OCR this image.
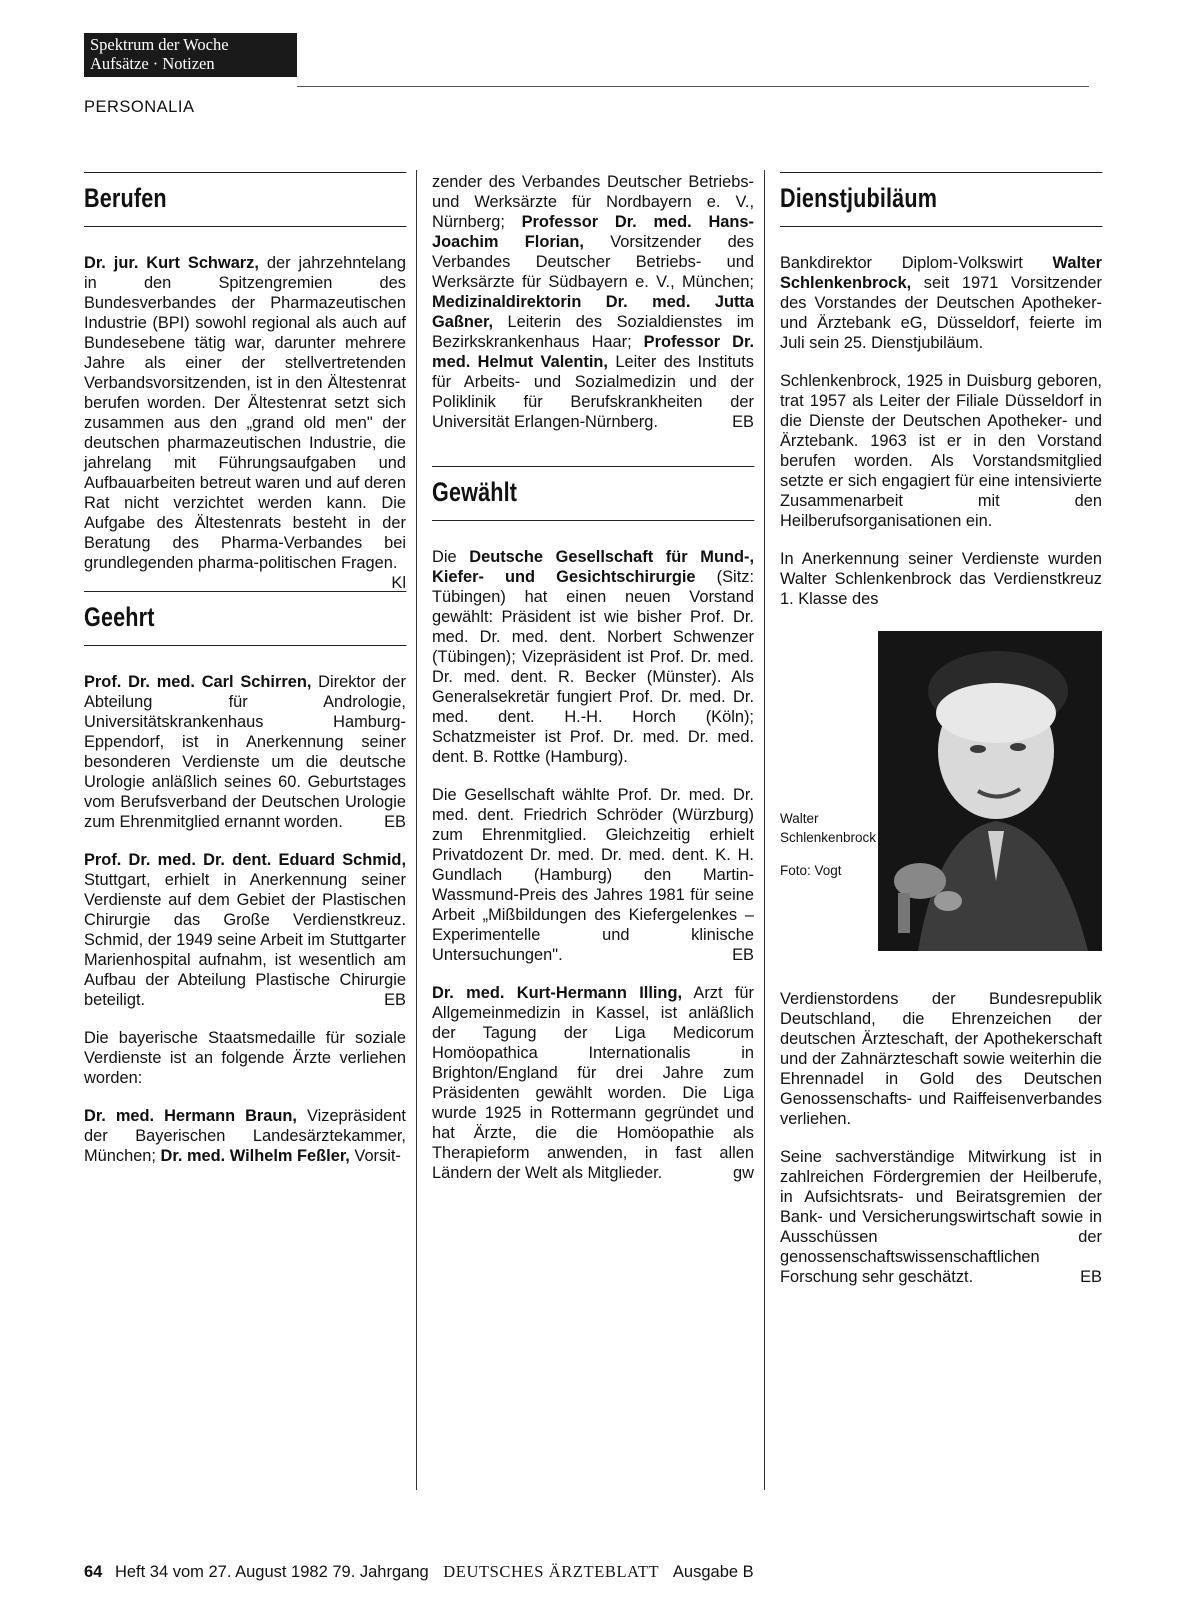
Spektrum der Woche
Aufsätze · Notizen
PERSONALIA
Berufen

Dr. jur. Kurt Schwarz, der jahrzehntelang in den Spitzengremien des Bundesverbandes der Pharmazeutischen Industrie (BPI) sowohl regional als auch auf Bundesebene tätig war, darunter mehrere Jahre als einer der stellvertretenden Verbandsvorsitzenden, ist in den Ältestenrat berufen worden. Der Ältestenrat setzt sich zusammen aus den „grand old men" der deutschen pharmazeutischen Industrie, die jahrelang mit Führungsaufgaben und Aufbauarbeiten betreut waren und auf deren Rat nicht verzichtet werden kann. Die Aufgabe des Ältestenrats besteht in der Beratung des Pharma-Verbandes bei grundlegenden pharma-politischen Fragen.
Kl

Geehrt

Prof. Dr. med. Carl Schirren, Direktor der Abteilung für Andrologie, Universitätskrankenhaus Hamburg-Eppendorf, ist in Anerkennung seiner besonderen Verdienste um die deutsche Urologie anläßlich seines 60. Geburtstages vom Berufsverband der Deutschen Urologie zum Ehrenmitglied ernannt worden.	EB

Prof. Dr. med. Dr. dent. Eduard Schmid, Stuttgart, erhielt in Anerkennung seiner Verdienste auf dem Gebiet der Plastischen Chirurgie das Große Verdienstkreuz. Schmid, der 1949 seine Arbeit im Stuttgarter Marienhospital aufnahm, ist wesentlich am Aufbau der Abteilung Plastische Chirurgie beteiligt.	EB

Die bayerische Staatsmedaille für soziale Verdienste ist an folgende Ärzte verliehen worden:

Dr. med. Hermann Braun, Vizepräsident der Bayerischen Landesärztekammer, München; Dr. med. Wilhelm Feßler, Vorsit-

zender des Verbandes Deutscher Betriebs- und Werksärzte für Nordbayern e. V., Nürnberg; Professor Dr. med. Hans-Joachim Florian, Vorsitzender des Verbandes Deutscher Betriebs- und Werksärzte für Südbayern e. V., München; Medizinaldirektorin Dr. med. Jutta Gaßner, Leiterin des Sozialdienstes im Bezirkskrankenhaus Haar; Professor Dr. med. Helmut Valentin, Leiter des Instituts für Arbeits- und Sozialmedizin und der Poliklinik für Berufskrankheiten der Universität Erlangen-Nürnberg.	EB

Gewählt

Die Deutsche Gesellschaft für Mund-, Kiefer- und Gesichtschirurgie (Sitz: Tübingen) hat einen neuen Vorstand gewählt: Präsident ist wie bisher Prof. Dr. med. Dr. med. dent. Norbert Schwenzer (Tübingen); Vizepräsident ist Prof. Dr. med. Dr. med. dent. R. Becker (Münster). Als Generalsekretär fungiert Prof. Dr. med. Dr. med. dent. H.-H. Horch (Köln); Schatzmeister ist Prof. Dr. med. Dr. med. dent. B. Rottke (Hamburg).

Die Gesellschaft wählte Prof. Dr. med. Dr. med. dent. Friedrich Schröder (Würzburg) zum Ehrenmitglied. Gleichzeitig erhielt Privatdozent Dr. med. Dr. med. dent. K. H. Gundlach (Hamburg) den Martin-Wassmund-Preis des Jahres 1981 für seine Arbeit „Mißbildungen des Kiefergelenkes – Experimentelle und klinische Untersuchungen".	EB

Dr. med. Kurt-Hermann Illing, Arzt für Allgemeinmedizin in Kassel, ist anläßlich der Tagung der Liga Medicorum Homöopathica Internationalis in Brighton/England für drei Jahre zum Präsidenten gewählt worden. Die Liga wurde 1925 in Rottermann gegründet und hat Ärzte, die die Homöopathie als Therapieform anwenden, in fast allen Ländern der Welt als Mitglieder.	gw

Dienstjubiläum

Bankdirektor Diplom-Volkswirt Walter Schlenkenbrock, seit 1971 Vorsitzender des Vorstandes der Deutschen Apotheker- und Ärztebank eG, Düsseldorf, feierte im Juli sein 25. Dienstjubiläum.

Schlenkenbrock, 1925 in Duisburg geboren, trat 1957 als Leiter der Filiale Düsseldorf in die Dienste der Deutschen Apotheker- und Ärztebank. 1963 ist er in den Vorstand berufen worden. Als Vorstandsmitglied setzte er sich engagiert für eine intensivierte Zusammenarbeit mit den Heilberufsorganisationen ein.

In Anerkennung seiner Verdienste wurden Walter Schlenkenbrock das Verdienstkreuz 1. Klasse des

Walter Schlenkenbrock
Foto: Vogt

Verdienstordens der Bundesrepublik Deutschland, die Ehrenzeichen der deutschen Ärzteschaft, der Apothekerschaft und der Zahnärzteschaft sowie weiterhin die Ehrennadel in Gold des Deutschen Genossenschafts- und Raiffeisenverbandes verliehen.

Seine sachverständige Mitwirkung ist in zahlreichen Fördergremien der Heilberufe, in Aufsichtsrats- und Beiratsgremien der Bank- und Versicherungswirtschaft sowie in Ausschüssen der genossenschaftswissenschaftlichen Forschung sehr geschätzt.	EB

64 Heft 34 vom 27. August 1982 79. Jahrgang DEUTSCHES ÄRZTEBLATT Ausgabe B
